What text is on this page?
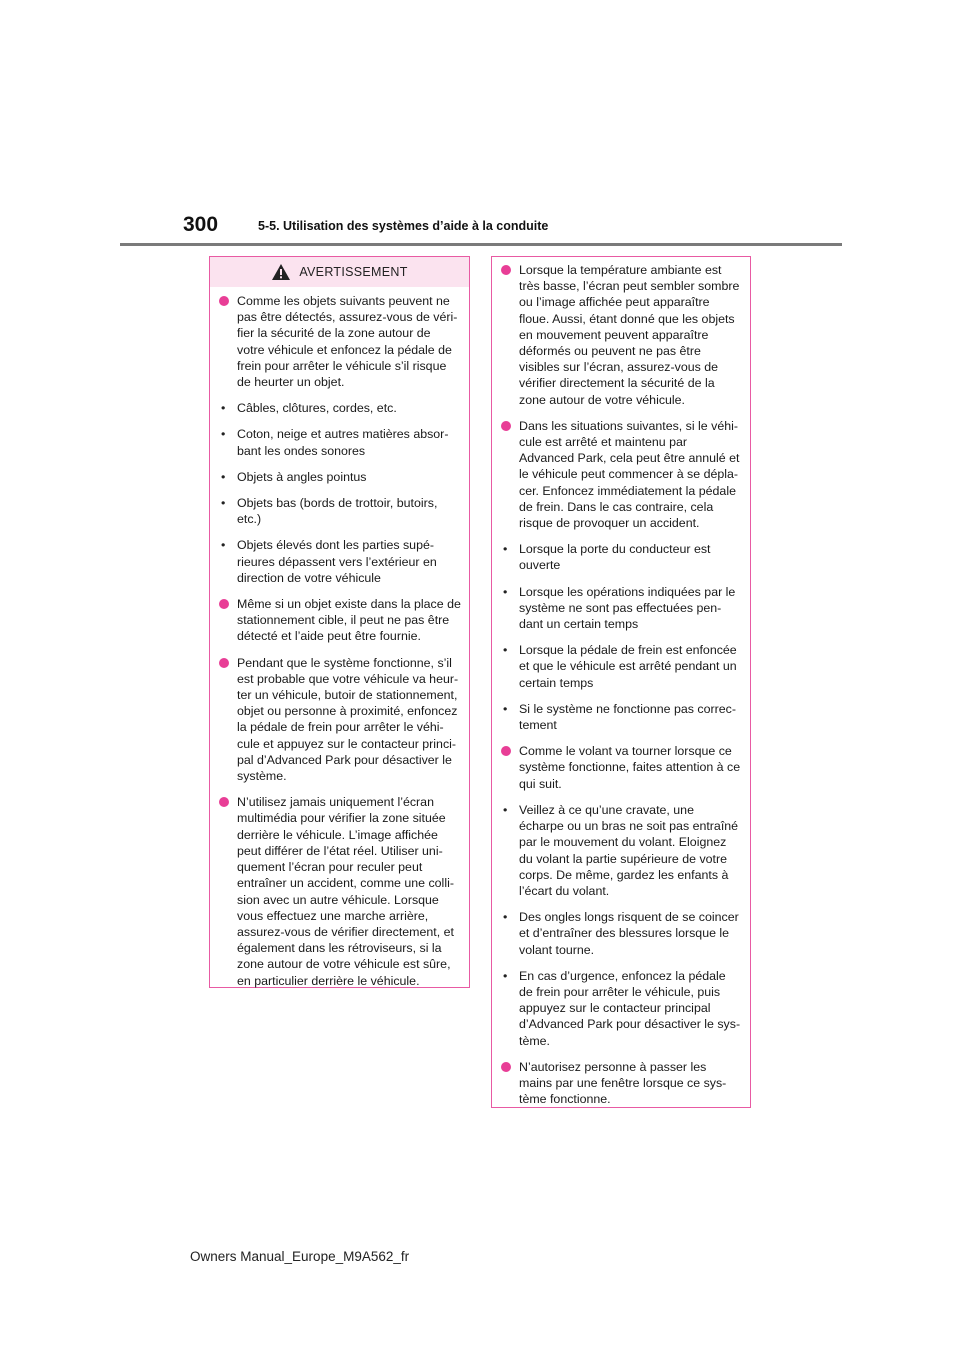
300	5-5. Utilisation des systèmes d’aide à la conduite
AVERTISSEMENT
Comme les objets suivants peuvent ne pas être détectés, assurez-vous de véri-fier la sécurité de la zone autour de votre véhicule et enfoncez la pédale de frein pour arrêter le véhicule s’il risque de heurter un objet.
• Câbles, clôtures, cordes, etc.
• Coton, neige et autres matières absor-bant les ondes sonores
• Objets à angles pointus
• Objets bas (bords de trottoir, butoirs, etc.)
• Objets élevés dont les parties supé-rieures dépassent vers l’extérieur en direction de votre véhicule
Même si un objet existe dans la place de stationnement cible, il peut ne pas être détecté et l’aide peut être fournie.
Pendant que le système fonctionne, s’il est probable que votre véhicule va heur-ter un véhicule, butoir de stationnement, objet ou personne à proximité, enfoncez la pédale de frein pour arrêter le véhi-cule et appuyez sur le contacteur princi-pal d’Advanced Park pour désactiver le système.
N’utilisez jamais uniquement l’écran multimédia pour vérifier la zone située derrière le véhicule. L’image affichée peut différer de l’état réel. Utiliser uni-quement l’écran pour reculer peut entraîner un accident, comme une colli-sion avec un autre véhicule. Lorsque vous effectuez une marche arrière, assurez-vous de vérifier directement, et également dans les rétroviseurs, si la zone autour de votre véhicule est sûre, en particulier derrière le véhicule.
Lorsque la température ambiante est très basse, l’écran peut sembler sombre ou l’image affichée peut apparaître floue. Aussi, étant donné que les objets en mouvement peuvent apparaître déformés ou peuvent ne pas être visibles sur l’écran, assurez-vous de vérifier directement la sécurité de la zone autour de votre véhicule.
Dans les situations suivantes, si le véhi-cule est arrêté et maintenu par Advanced Park, cela peut être annulé et le véhicule peut commencer à se dépla-cer. Enfoncez immédiatement la pédale de frein. Dans le cas contraire, cela risque de provoquer un accident.
• Lorsque la porte du conducteur est ouverte
• Lorsque les opérations indiquées par le système ne sont pas effectuées pen-dant un certain temps
• Lorsque la pédale de frein est enfoncée et que le véhicule est arrêté pendant un certain temps
• Si le système ne fonctionne pas correc-tement
Comme le volant va tourner lorsque ce système fonctionne, faites attention à ce qui suit.
• Veillez à ce qu’une cravate, une écharpe ou un bras ne soit pas entraîné par le mouvement du volant. Eloignez du volant la partie supérieure de votre corps. De même, gardez les enfants à l’écart du volant.
• Des ongles longs risquent de se coincer et d’entraîner des blessures lorsque le volant tourne.
• En cas d’urgence, enfoncez la pédale de frein pour arrêter le véhicule, puis appuyez sur le contacteur principal d’Advanced Park pour désactiver le sys-tème.
N’autorisez personne à passer les mains par une fenêtre lorsque ce sys-tème fonctionne.
Owners Manual_Europe_M9A562_fr
